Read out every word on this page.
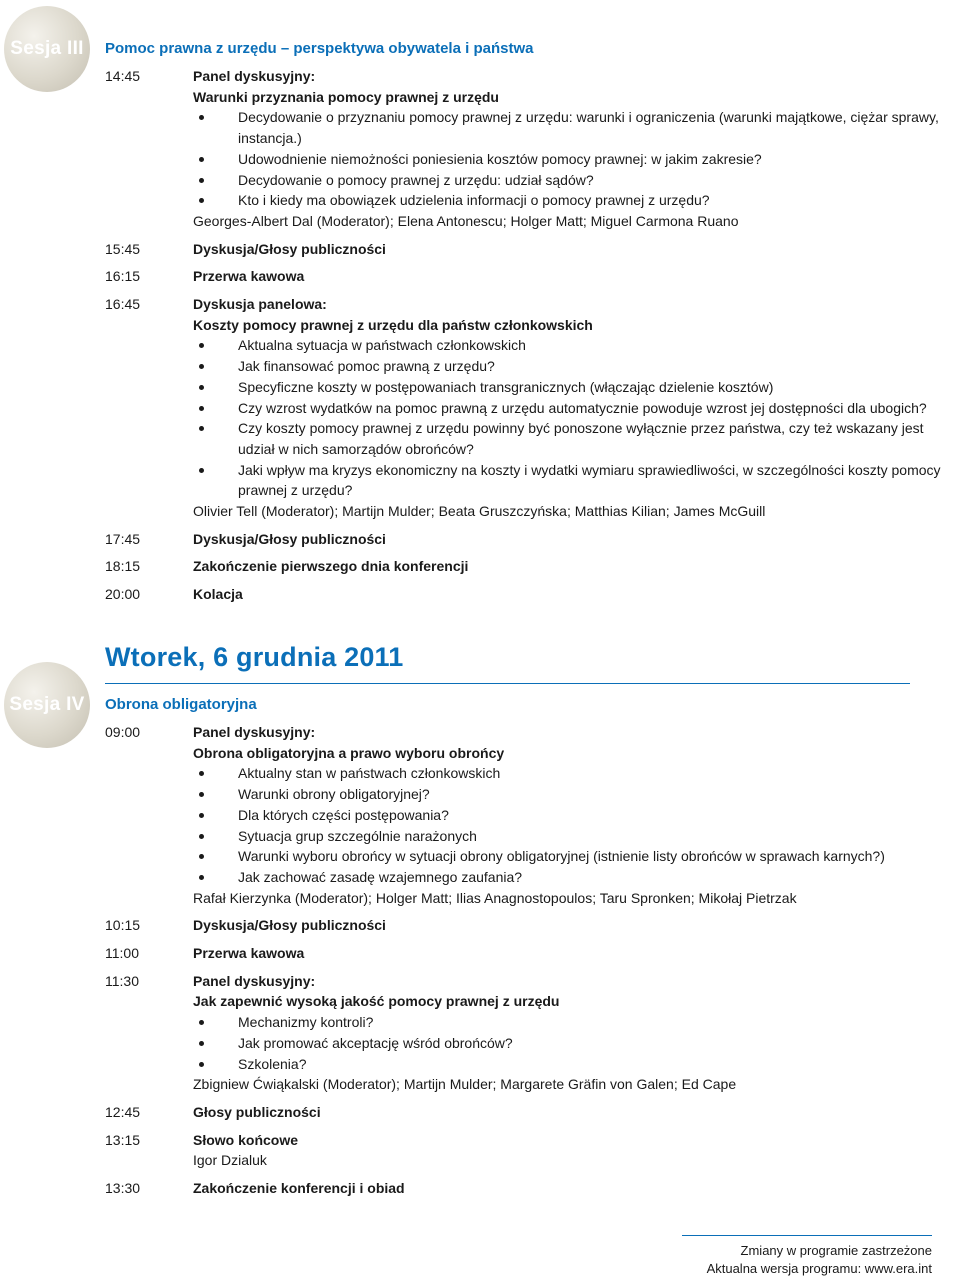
Sesja III Pomoc prawna z urzędu – perspektywa obywatela i państwa
14:45	Panel dyskusyjny:
Warunki przyznania pomocy prawnej z urzędu
Decydowanie o przyznaniu pomocy prawnej z urzędu: warunki i ograniczenia (warunki majątkowe, ciężar sprawy, instancja.)
Udowodnienie niemożności poniesienia kosztów pomocy prawnej: w jakim zakresie?
Decydowanie o pomocy prawnej z urzędu: udział sądów?
Kto i kiedy ma obowiązek udzielenia informacji o pomocy prawnej z urzędu?
Georges-Albert Dal (Moderator); Elena Antonescu; Holger Matt; Miguel Carmona Ruano
15:45	Dyskusja/Głosy publiczności
16:15	Przerwa kawowa
16:45	Dyskusja panelowa:
Koszty pomocy prawnej z urzędu dla państw członkowskich
Aktualna sytuacja w państwach członkowskich
Jak finansować pomoc prawną z urzędu?
Specyficzne koszty w postępowaniach transgranicznych (włączając dzielenie kosztów)
Czy wzrost wydatków na pomoc prawną z urzędu automatycznie powoduje wzrost jej dostępności dla ubogich?
Czy koszty pomocy prawnej z urzędu powinny być ponoszone wyłącznie przez państwa, czy też wskazany jest udział w nich samorządów obrońców?
Jaki wpływ ma kryzys ekonomiczny na koszty i wydatki wymiaru sprawiedliwości, w szczególności koszty pomocy prawnej z urzędu?
Olivier Tell (Moderator); Martijn Mulder; Beata Gruszczyńska; Matthias Kilian; James McGuill
17:45	Dyskusja/Głosy publiczności
18:15	Zakończenie pierwszego dnia konferencji
20:00	Kolacja
Wtorek, 6 grudnia 2011
Sesja IV Obrona obligatoryjna
09:00	Panel dyskusyjny:
Obrona obligatoryjna a prawo wyboru obrońcy
Aktualny stan w państwach członkowskich
Warunki obrony obligatoryjnej?
Dla których części postępowania?
Sytuacja grup szczególnie narażonych
Warunki wyboru obrońcy w sytuacji obrony obligatoryjnej (istnienie listy obrońców w sprawach karnych?)
Jak zachować zasadę wzajemnego zaufania?
Rafał Kierzynka (Moderator); Holger Matt; Ilias Anagnostopoulos; Taru Spronken; Mikołaj Pietrzak
10:15	Dyskusja/Głosy publiczności
11:00	Przerwa kawowa
11:30	Panel dyskusyjny:
Jak zapewnić wysoką jakość pomocy prawnej z urzędu
Mechanizmy kontroli?
Jak promować akceptację wśród obrońców?
Szkolenia?
Zbigniew Ćwiąkalski (Moderator); Martijn Mulder; Margarete Gräfin von Galen; Ed Cape
12:45	Głosy publiczności
13:15	Słowo końcowe
Igor Dzialuk
13:30	Zakończenie konferencji i obiad
Zmiany w programie zastrzeżone
Aktualna wersja programu: www.era.int
